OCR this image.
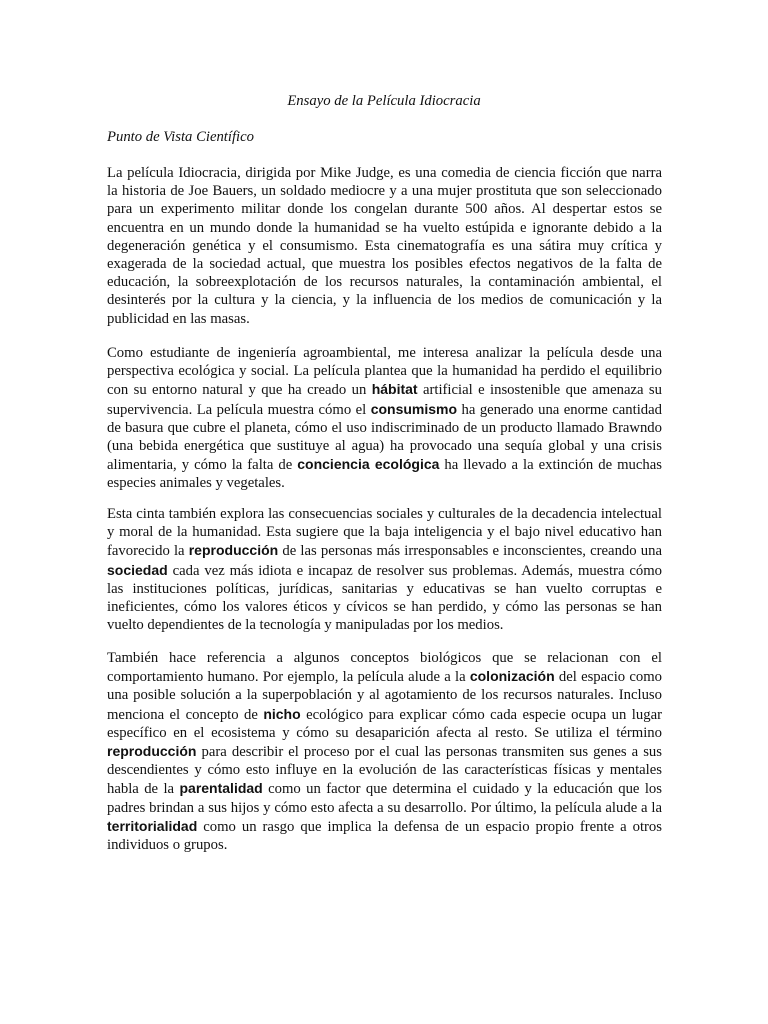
Ensayo de la Película Idiocracia

Punto de Vista Científico

La película Idiocracia, dirigida por Mike Judge, es una comedia de ciencia ficción que narra la historia de Joe Bauers, un soldado mediocre y a una mujer prostituta que son seleccionado para un experimento militar donde los congelan durante 500 años. Al despertar estos se encuentra en un mundo donde la humanidad se ha vuelto estúpida e ignorante debido a la degeneración genética y el consumismo. Esta cinematografía es una sátira muy crítica y exagerada de la sociedad actual, que muestra los posibles efectos negativos de la falta de educación, la sobreexplotación de los recursos naturales, la contaminación ambiental, el desinterés por la cultura y la ciencia, y la influencia de los medios de comunicación y la publicidad en las masas.

Como estudiante de ingeniería agroambiental, me interesa analizar la película desde una perspectiva ecológica y social. La película plantea que la humanidad ha perdido el equilibrio con su entorno natural y que ha creado un hábitat artificial e insostenible que amenaza su supervivencia. La película muestra cómo el consumismo ha generado una enorme cantidad de basura que cubre el planeta, cómo el uso indiscriminado de un producto llamado Brawndo (una bebida energética que sustituye al agua) ha provocado una sequía global y una crisis alimentaria, y cómo la falta de conciencia ecológica ha llevado a la extinción de muchas especies animales y vegetales.

Esta cinta también explora las consecuencias sociales y culturales de la decadencia intelectual y moral de la humanidad. Esta sugiere que la baja inteligencia y el bajo nivel educativo han favorecido la reproducción de las personas más irresponsables e inconscientes, creando una sociedad cada vez más idiota e incapaz de resolver sus problemas. Además, muestra cómo las instituciones políticas, jurídicas, sanitarias y educativas se han vuelto corruptas e ineficientes, cómo los valores éticos y cívicos se han perdido, y cómo las personas se han vuelto dependientes de la tecnología y manipuladas por los medios.

También hace referencia a algunos conceptos biológicos que se relacionan con el comportamiento humano. Por ejemplo, la película alude a la colonización del espacio como una posible solución a la superpoblación y al agotamiento de los recursos naturales. Incluso menciona el concepto de nicho ecológico para explicar cómo cada especie ocupa un lugar específico en el ecosistema y cómo su desaparición afecta al resto. Se utiliza el término reproducción para describir el proceso por el cual las personas transmiten sus genes a sus descendientes y cómo esto influye en la evolución de las características físicas y mentales habla de la parentalidad como un factor que determina el cuidado y la educación que los padres brindan a sus hijos y cómo esto afecta a su desarrollo. Por último, la película alude a la territorialidad como un rasgo que implica la defensa de un espacio propio frente a otros individuos o grupos.
